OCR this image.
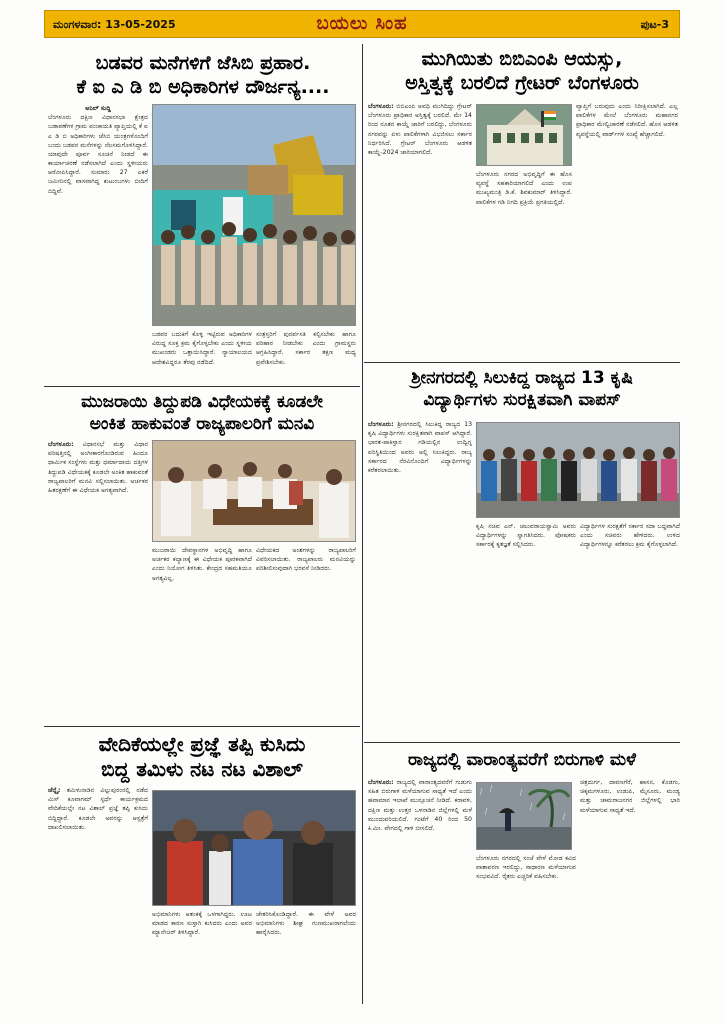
ಮಂಗಳವಾರ: 13-05-2025	ಬಯಲು ಸಿಂಹ	ಪುಟ-3
ಬಡವರ ಮನೆಗಳಿಗೆ ಜೆಸಿಬಿ ಪ್ರಹಾರ.
ಕೆ ಐ ಎ ಡಿ ಬಿ ಅಧಿಕಾರಿಗಳ ದೌರ್ಜನ್ಯ....
ಅನಿಲ್ ಸುದ್ದಿ
ಬೆಂಗಳೂರು ದಕ್ಷಿಣ ವಿಧಾನಸಭಾ ಕ್ಷೇತ್ರದ ಬಡಾವಣೆಗಳ ಗ್ರಾಮ ಪಂಚಾಯತಿ ವ್ಯಾಪ್ತಿಯಲ್ಲಿ ಕೆ ಐ ಎ ಡಿ ಬಿ ಅಧಿಕಾರಿಗಳು ಜೆಸಿಬಿ ಯಂತ್ರಗಳೊಂದಿಗೆ ಬಂದು ಬಡವರ ಮನೆಗಳನ್ನು ನೆಲಸಮಗೊಳಿಸಿದ್ದಾರೆ. ಯಾವುದೇ ಪೂರ್ವ ಸೂಚನೆ ನೀಡದೆ ಈ ಕಾರ್ಯಾಚರಣೆ ನಡೆಸಲಾಗಿದೆ ಎಂದು ಸ್ಥಳೀಯರು ಆರೋಪಿಸಿದ್ದಾರೆ. ಸುಮಾರು 27 ಎಕರೆ ಜಮೀನಿನಲ್ಲಿ ವಾಸವಾಗಿದ್ದ ಕುಟುಂಬಗಳು ಬೀದಿಗೆ ಬಿದ್ದಿವೆ.
ಬಡವರ ಬದುಕಿಗೆ ಕೊಳ್ಳಿ ಇಟ್ಟಿರುವ ಅಧಿಕಾರಿಗಳ ವಿರುದ್ಧ ಸೂಕ್ತ ಕ್ರಮ ಕೈಗೊಳ್ಳಬೇಕು ಎಂದು ಸ್ಥಳೀಯ ಮುಖಂಡರು ಒತ್ತಾಯಿಸಿದ್ದಾರೆ. ನ್ಯಾಯಾಲಯದ ಆದೇಶವಿದ್ದರೂ ತೆರವು ನಡೆದಿದೆ.
ಸಂತ್ರಸ್ತರಿಗೆ ಪುನರ್ವಸತಿ ಕಲ್ಪಿಸಬೇಕು ಹಾಗೂ ಪರಿಹಾರ ನೀಡಬೇಕು ಎಂದು ಗ್ರಾಮಸ್ಥರು ಆಗ್ರಹಿಸಿದ್ದಾರೆ. ಸರ್ಕಾರ ತಕ್ಷಣ ಮಧ್ಯ ಪ್ರವೇಶಿಸಬೇಕು.
ಮುಗಿಯಿತು ಬಿಬಿಎಂಪಿ ಆಯಸ್ಸು,
ಅಸ್ತಿತ್ವಕ್ಕೆ ಬರಲಿದೆ ಗ್ರೇಟರ್ ಬೆಂಗಳೂರು
ಬೆಂಗಳೂರು: ಬಿಬಿಎಂಪಿ ಅವಧಿ ಮುಗಿದಿದ್ದು ಗ್ರೇಟರ್ ಬೆಂಗಳೂರು ಪ್ರಾಧಿಕಾರ ಅಸ್ತಿತ್ವಕ್ಕೆ ಬರಲಿದೆ. ಮೇ 14 ರಿಂದ ನೂತನ ಕಾಯ್ದೆ ಜಾರಿಗೆ ಬರಲಿದ್ದು, ಬೆಂಗಳೂರು ನಗರವನ್ನು ಏಳು ಪಾಲಿಕೆಗಳಾಗಿ ವಿಭಜಿಸಲು ಸರ್ಕಾರ ನಿರ್ಧರಿಸಿದೆ. ಗ್ರೇಟರ್ ಬೆಂಗಳೂರು ಆಡಳಿತ ಕಾಯ್ದೆ-2024 ಜಾರಿಯಾಗಲಿದೆ.
ಬೆಂಗಳೂರು ನಗರದ ಅಭಿವೃದ್ಧಿಗೆ ಈ ಹೊಸ ವ್ಯವಸ್ಥೆ ಸಹಕಾರಿಯಾಗಲಿದೆ ಎಂದು ಉಪ ಮುಖ್ಯಮಂತ್ರಿ ಡಿ.ಕೆ. ಶಿವಕುಮಾರ್ ತಿಳಿಸಿದ್ದಾರೆ. ಪಾಲಿಕೆಗಳ ಗಡಿ ನಿಗದಿ ಪ್ರಕ್ರಿಯೆ ಪ್ರಗತಿಯಲ್ಲಿದೆ.
ವ್ಯಾಪ್ತಿಗೆ ಬರುವುದು ಎಂದು ನಿರೀಕ್ಷಿಸಲಾಗಿದೆ. ಎಲ್ಲ ಪಾಲಿಕೆಗಳ ಮೇಲೆ ಬೆಂಗಳೂರು ಮಹಾನಗರ ಪ್ರಾಧಿಕಾರ ಮೇಲ್ವಿಚಾರಣೆ ನಡೆಸಲಿದೆ. ಹೊಸ ಆಡಳಿತ ವ್ಯವಸ್ಥೆಯಲ್ಲಿ ವಾರ್ಡ್‌ಗಳ ಸಂಖ್ಯೆ ಹೆಚ್ಚಾಗಲಿದೆ.
ಮುಜರಾಯಿ ತಿದ್ದುಪಡಿ ವಿಧೇಯಕಕ್ಕೆ ಕೂಡಲೇ
ಅಂಕಿತ ಹಾಕುವಂತೆ ರಾಜ್ಯಪಾಲರಿಗೆ ಮನವಿ
ಬೆಂಗಳೂರು: ವಿಧಾನಸಭೆ ಮತ್ತು ವಿಧಾನ ಪರಿಷತ್ತಿನಲ್ಲಿ ಅಂಗೀಕಾರಗೊಂಡಿರುವ ಹಿಂದೂ ಧಾರ್ಮಿಕ ಸಂಸ್ಥೆಗಳು ಮತ್ತು ಧರ್ಮಾದಾಯ ದತ್ತಿಗಳ ತಿದ್ದುಪಡಿ ವಿಧೇಯಕಕ್ಕೆ ಕೂಡಲೇ ಅಂಕಿತ ಹಾಕುವಂತೆ ರಾಜ್ಯಪಾಲರಿಗೆ ಮನವಿ ಸಲ್ಲಿಸಲಾಯಿತು. ಅರ್ಚಕರ ಹಿತರಕ್ಷಣೆಗೆ ಈ ವಿಧೇಯಕ ಅಗತ್ಯವಾಗಿದೆ.
ಮುಜರಾಯಿ ದೇವಸ್ಥಾನಗಳ ಅಭಿವೃದ್ಧಿ ಹಾಗೂ ಅರ್ಚಕರ ಕಲ್ಯಾಣಕ್ಕೆ ಈ ವಿಧೇಯಕ ಪೂರಕವಾಗಿದೆ ಎಂದು ನಿಯೋಗ ತಿಳಿಸಿತು. ಕೇಂದ್ರದ ಸಹಮತಿಯೂ ಅಗತ್ಯವಿಲ್ಲ.
ವಿಧೇಯಕದ ಅಂಶಗಳನ್ನು ರಾಜ್ಯಪಾಲರಿಗೆ ವಿವರಿಸಲಾಯಿತು. ರಾಜ್ಯಪಾಲರು ಮನವಿಯನ್ನು ಪರಿಶೀಲಿಸುವುದಾಗಿ ಭರವಸೆ ನೀಡಿದರು.
ಶ್ರೀನಗರದಲ್ಲಿ ಸಿಲುಕಿದ್ದ ರಾಜ್ಯದ 13 ಕೃಷಿ
ವಿದ್ಯಾರ್ಥಿಗಳು ಸುರಕ್ಷಿತವಾಗಿ ವಾಪಸ್
ಬೆಂಗಳೂರು: ಶ್ರೀನಗರದಲ್ಲಿ ಸಿಲುಕಿದ್ದ ರಾಜ್ಯದ 13 ಕೃಷಿ ವಿದ್ಯಾರ್ಥಿಗಳು ಸುರಕ್ಷಿತವಾಗಿ ವಾಪಸ್ ಆಗಿದ್ದಾರೆ. ಭಾರತ-ಪಾಕಿಸ್ತಾನ ಗಡಿಯಲ್ಲಿನ ಉದ್ವಿಗ್ನ ಪರಿಸ್ಥಿತಿಯಿಂದ ಅವರು ಅಲ್ಲಿ ಸಿಲುಕಿದ್ದರು. ರಾಜ್ಯ ಸರ್ಕಾರದ ನೆರವಿನೊಂದಿಗೆ ವಿದ್ಯಾರ್ಥಿಗಳನ್ನು ಕರೆತರಲಾಯಿತು.
ಕೃಷಿ ಸಚಿವ ಎನ್. ಚಲುವರಾಯಸ್ವಾಮಿ ಅವರು ವಿದ್ಯಾರ್ಥಿಗಳನ್ನು ಸ್ವಾಗತಿಸಿದರು. ಪೋಷಕರು ಸರ್ಕಾರಕ್ಕೆ ಕೃತಜ್ಞತೆ ಸಲ್ಲಿಸಿದರು.
ವಿದ್ಯಾರ್ಥಿಗಳ ಸುರಕ್ಷತೆಗೆ ಸರ್ಕಾರ ಸದಾ ಬದ್ಧವಾಗಿದೆ ಎಂದು ಸಚಿವರು ಹೇಳಿದರು. ಉಳಿದ ವಿದ್ಯಾರ್ಥಿಗಳನ್ನೂ ಕರೆತರಲು ಕ್ರಮ ಕೈಗೊಳ್ಳಲಾಗಿದೆ.
ವೇದಿಕೆಯಲ್ಲೇ ಪ್ರಜ್ಞೆ ತಪ್ಪಿ ಕುಸಿದು
ಬಿದ್ದ ತಮಿಳು ನಟ ನಟ ವಿಶಾಲ್
ಚೆನ್ನೈ: ತಮಿಳುನಾಡಿನ ವಿಲ್ಲುಪುರಂನಲ್ಲಿ ನಡೆದ ಮಿಸ್ ಕೂವಾಗಮ್ ಸ್ಪರ್ಧೆ ಕಾರ್ಯಕ್ರಮದ ವೇದಿಕೆಯಲ್ಲೇ ನಟ ವಿಶಾಲ್ ಪ್ರಜ್ಞೆ ತಪ್ಪಿ ಕುಸಿದು ಬಿದ್ದಿದ್ದಾರೆ. ಕೂಡಲೇ ಅವರನ್ನು ಆಸ್ಪತ್ರೆಗೆ ದಾಖಲಿಸಲಾಯಿತು.
ಅಭಿಮಾನಿಗಳು ಆತಂಕಕ್ಕೆ ಒಳಗಾಗಿದ್ದರು. ಊಟ ಮಾಡದ ಕಾರಣ ಸುಸ್ತಾಗಿ ಕುಸಿದರು ಎಂದು ಅವರ ಮ್ಯಾನೇಜರ್ ತಿಳಿಸಿದ್ದಾರೆ.
ಚೇತರಿಸಿಕೊಂಡಿದ್ದಾರೆ. ಈ ವೇಳೆ ಅವರ ಅಭಿಮಾನಿಗಳು ಶೀಘ್ರ ಗುಣಮುಖರಾಗಲೆಂದು ಹಾರೈಸಿದರು.
ರಾಜ್ಯದಲ್ಲಿ ವಾರಾಂತ್ಯವರೆಗೆ ಬಿರುಗಾಳಿ ಮಳೆ
ಬೆಂಗಳೂರು: ರಾಜ್ಯದಲ್ಲಿ ವಾರಾಂತ್ಯದವರೆಗೆ ಗುಡುಗು ಸಹಿತ ಬಿರುಗಾಳಿ ಮಳೆಯಾಗುವ ಸಾಧ್ಯತೆ ಇದೆ ಎಂದು ಹವಾಮಾನ ಇಲಾಖೆ ಮುನ್ಸೂಚನೆ ನೀಡಿದೆ. ಕರಾವಳಿ, ದಕ್ಷಿಣ ಮತ್ತು ಉತ್ತರ ಒಳನಾಡಿನ ಜಿಲ್ಲೆಗಳಲ್ಲಿ ಮಳೆ ಮುಂದುವರಿಯಲಿದೆ. ಗಂಟೆಗೆ 40 ರಿಂದ 50 ಕಿ.ಮೀ. ವೇಗದಲ್ಲಿ ಗಾಳಿ ಬೀಸಲಿದೆ.
ಬೆಂಗಳೂರು ನಗರದಲ್ಲಿ ಸಂಜೆ ವೇಳೆ ಮೋಡ ಕವಿದ ವಾತಾವರಣ ಇರಲಿದ್ದು, ಸಾಧಾರಣ ಮಳೆಯಾಗುವ ಸಂಭವವಿದೆ. ರೈತರು ಎಚ್ಚರಿಕೆ ವಹಿಸಬೇಕು.
ಚಿತ್ರದುರ್ಗ, ದಾವಣಗೆರೆ, ಹಾಸನ, ಕೊಡಗು, ಚಿಕ್ಕಮಗಳೂರು, ಉಡುಪಿ, ಮೈಸೂರು, ಮಂಡ್ಯ ಮತ್ತು ಚಾಮರಾಜನಗರ ಜಿಲ್ಲೆಗಳಲ್ಲಿ ಭಾರಿ ಮಳೆಯಾಗುವ ಸಾಧ್ಯತೆ ಇದೆ.
